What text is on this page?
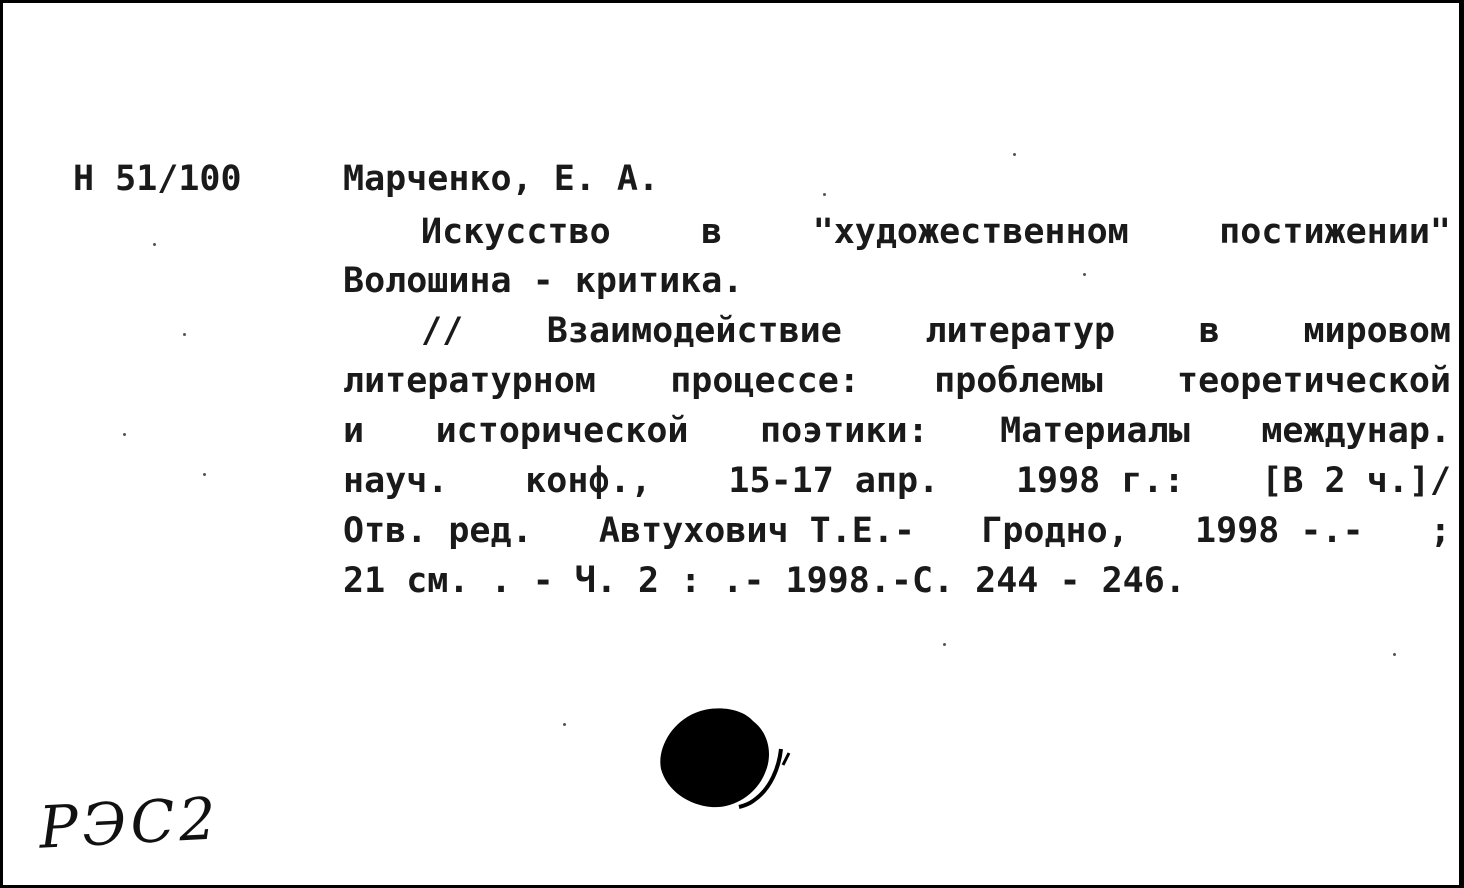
Н 51/100	Марченко, Е. А.
Искусство	в	"художественном	постижении"
Волошина - критика.
// Взаимодействие литератур в мировом
литературном процессе: проблемы теоретической
и исторической поэтики: Материалы междунар.
науч. конф., 15-17 апр. 1998 г.: [В 2 ч.]/
Отв. ред. Автухович Т.Е.- Гродно, 1998 -.- ;
21 см. . - Ч. 2 : .- 1998.-С. 244 - 246.
РЭС2
